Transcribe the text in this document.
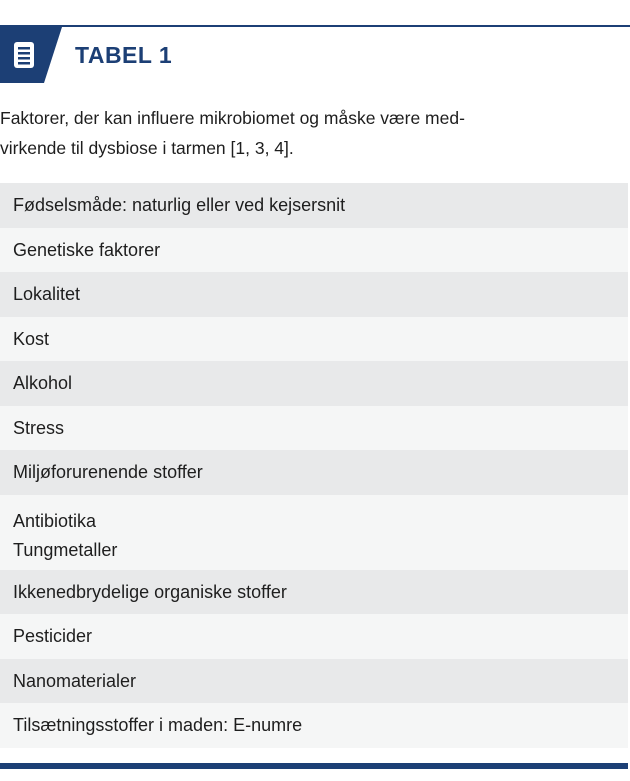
TABEL 1
Faktorer, der kan influere mikrobiomet og måske være med-
virkende til dysbiose i tarmen [1, 3, 4].
Fødselsmåde: naturlig eller ved kejsersnit
Genetiske faktorer
Lokalitet
Kost
Alkohol
Stress
Miljøforurenende stoffer
Antibiotika
Tungmetaller
Ikkenedbrydelige organiske stoffer
Pesticider
Nanomaterialer
Tilsætningsstoffer i maden: E-numre
